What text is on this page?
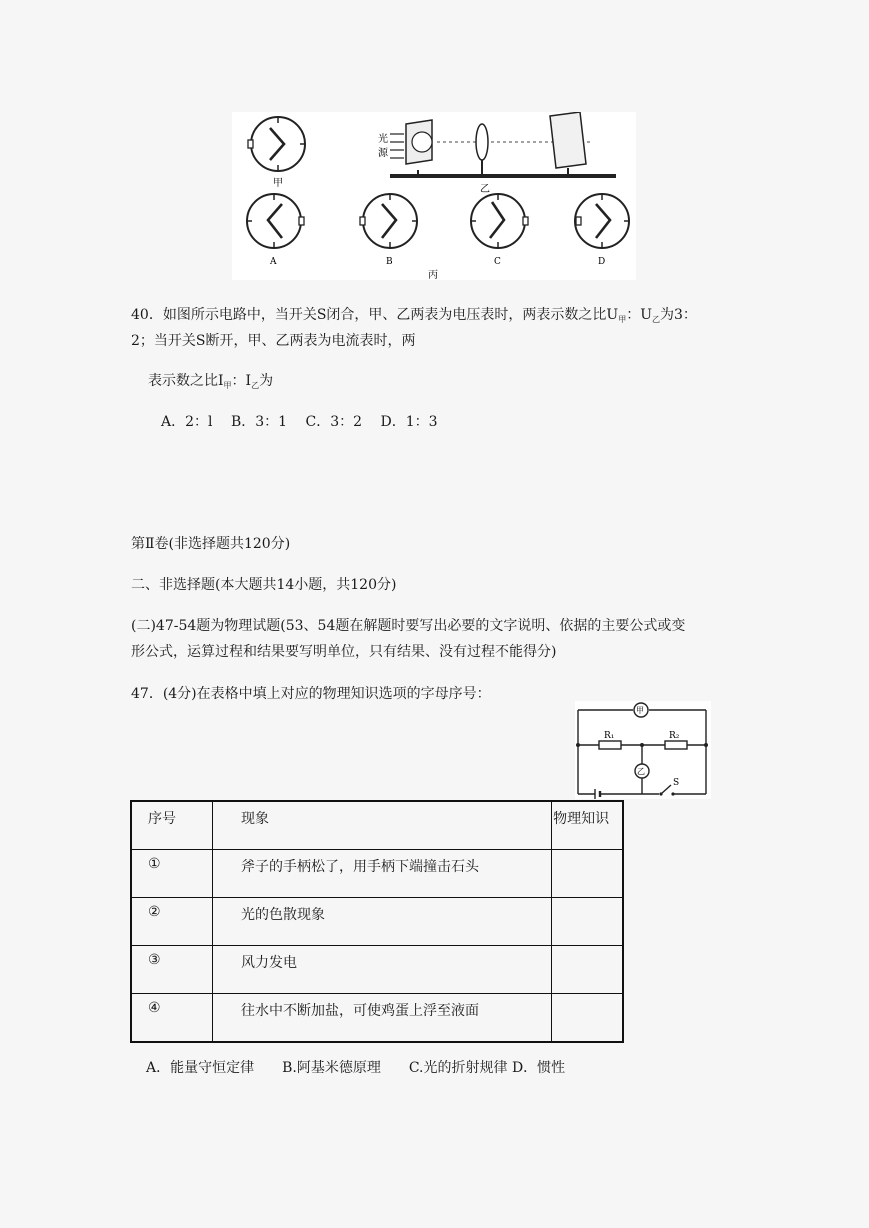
甲
光
源
乙
A	B	C	D
丙
40．如图所示电路中，当开关S闭合，甲、乙两表为电压表时，两表示数之比$U_甲$：$U_乙$为3：
2；当开关S断开，甲、乙两表为电流表时，两
表示数之比$I_甲$：$I_乙$为
A．2：l　 B．3：1　 C．3：2　 D．1：3
第Ⅱ卷(非选择题共120分)
二、非选择题(本大题共14小题，共120分)
(二)47-54题为物理试题(53、54题在解题时要写出必要的文字说明、依据的主要公式或变
形公式，运算过程和结果要写明单位，只有结果、没有过程不能得分)
47．(4分)在表格中填上对应的物理知识选项的字母序号：
甲
R₁	R₂
乙
S
序号	现象	物理知识
①	斧子的手柄松了，用手柄下端撞击石头	
②	光的色散现象	
③	风力发电	
④	往水中不断加盐，可使鸡蛋上浮至液面	
A．能量守恒定律　　B.阿基米德原理　　C.光的折射规律 D．惯性
